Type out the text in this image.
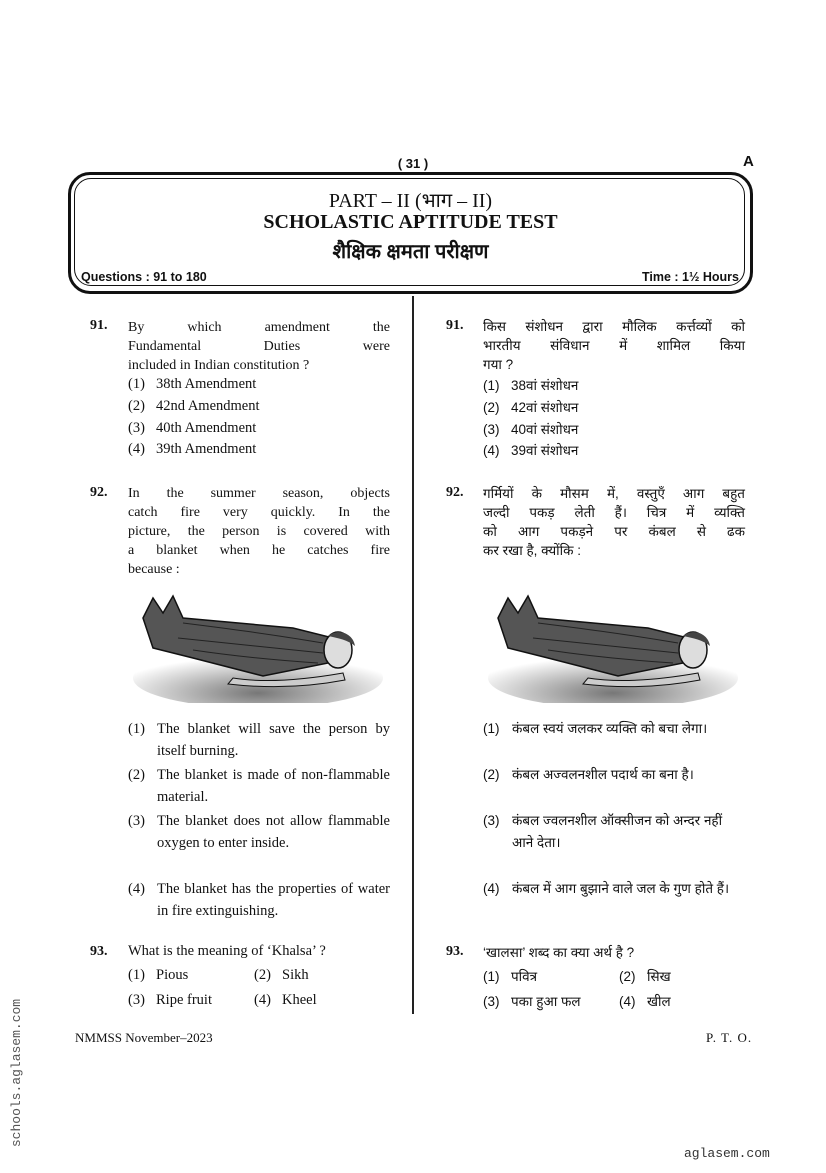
( 31 )	A
PART – II (भाग – II)
SCHOLASTIC APTITUDE TEST
शैक्षिक क्षमता परीक्षण
Questions : 91 to 180	Time : 1½ Hours
91. By which amendment the
Fundamental Duties were
included in Indian constitution ?
(1) 38th Amendment
(2) 42nd Amendment
(3) 40th Amendment
(4) 39th Amendment
92. In the summer season, objects
catch fire very quickly. In the
picture, the person is covered with
a blanket when he catches fire
because :
(1) The blanket will save the person by itself burning.
(2) The blanket is made of non-flammable material.
(3) The blanket does not allow flammable oxygen to enter inside.
(4) The blanket has the properties of water in fire extinguishing.
93. What is the meaning of ‘Khalsa’ ?
(1) Pious	(2) Sikh
(3) Ripe fruit	(4) Kheel
91. किस संशोधन द्वारा मौलिक कर्त्तव्यों को
भारतीय संविधान में शामिल किया
गया ?
(1) 38वां संशोधन
(2) 42वां संशोधन
(3) 40वां संशोधन
(4) 39वां संशोधन
92. गर्मियों के मौसम में, वस्तुएँ आग बहुत
जल्दी पकड़ लेती हैं। चित्र में व्यक्ति
को आग पकड़ने पर कंबल से ढक
कर रखा है, क्योंकि :
(1) कंबल स्वयं जलकर व्यक्ति को बचा लेगा।
(2) कंबल अज्वलनशील पदार्थ का बना है।
(3) कंबल ज्वलनशील ऑक्सीजन को अन्दर नहीं आने देता।
(4) कंबल में आग बुझाने वाले जल के गुण होते हैं।
93. ‘खालसा’ शब्द का क्या अर्थ है ?
(1) पवित्र	(2) सिख
(3) पका हुआ फल	(4) खील
NMMSS November–2023	P. T. O.
schools.aglasem.com
aglasem.com
